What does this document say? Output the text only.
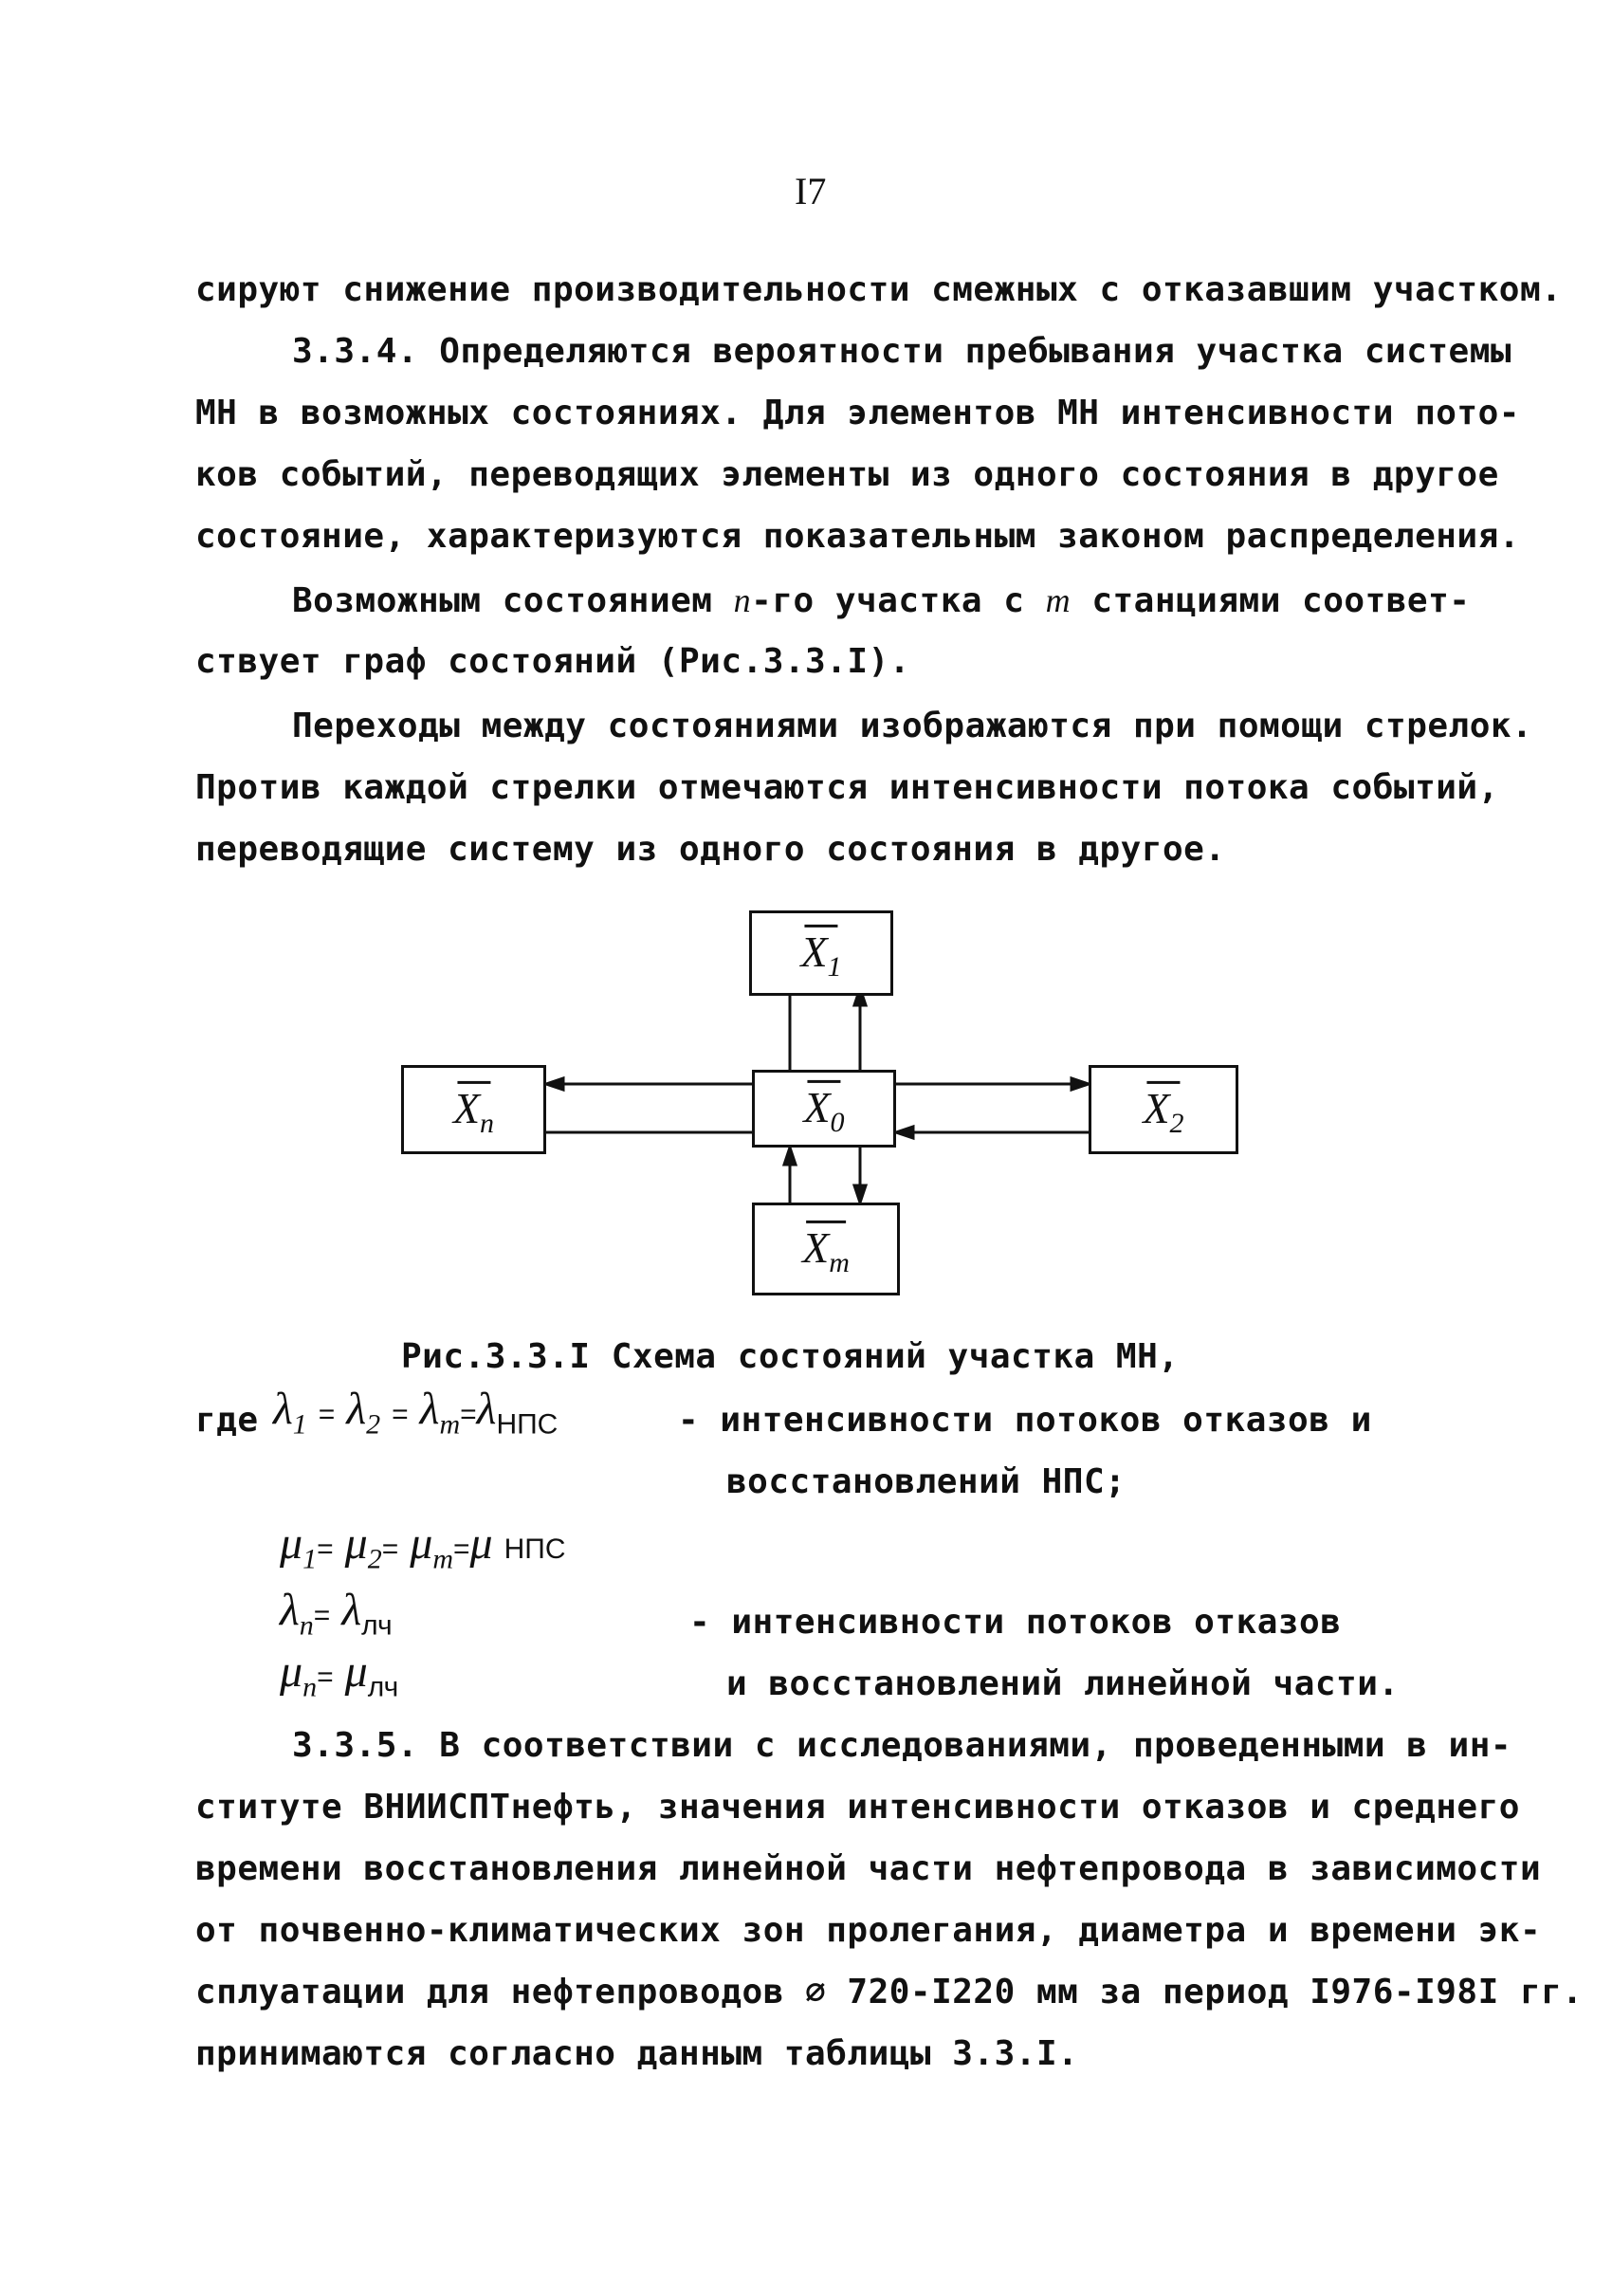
I7
сируют снижение производительности смежных с отказавшим участком.
3.3.4. Определяются вероятности пребывания участка системы
МН в возможных состояниях. Для элементов МН интенсивности пото-
ков событий, переводящих элементы из одного состояния в другое
состояние, характеризуются показательным законом распределения.
Возможным состоянием n-го участка с m станциями соответ-
ствует граф состояний (Рис.3.3.I).
Переходы между состояниями изображаются при помощи стрелок.
Против каждой стрелки отмечаются интенсивности потока событий,
переводящие систему из одного состояния в другое.
$X_1$
$X_n$	$X_0$	$X_2$
$X_m$
Рис.3.3.I Схема состояний участка МН,
где $\lambda_1 = \lambda_2 = \lambda_m=\lambda_{НПС}$	- интенсивности потоков отказов и
восстановлений НПС;
$\mu_1= \mu_2= \mu_m=\mu$ НПС
$\lambda_n= \lambda_{лч}$	- интенсивности потоков отказов
$\mu_n= \mu_{лч}$	и восстановлений линейной части.
3.3.5. В соответствии с исследованиями, проведенными в ин-
ституте ВНИИСПТнефть, значения интенсивности отказов и среднего
времени восстановления линейной части нефтепровода в зависимости
от почвенно-климатических зон пролегания, диаметра и времени эк-
сплуатации для нефтепроводов ⌀ 720-I220 мм за период I976-I98I гг.
принимаются согласно данным таблицы 3.3.I.
